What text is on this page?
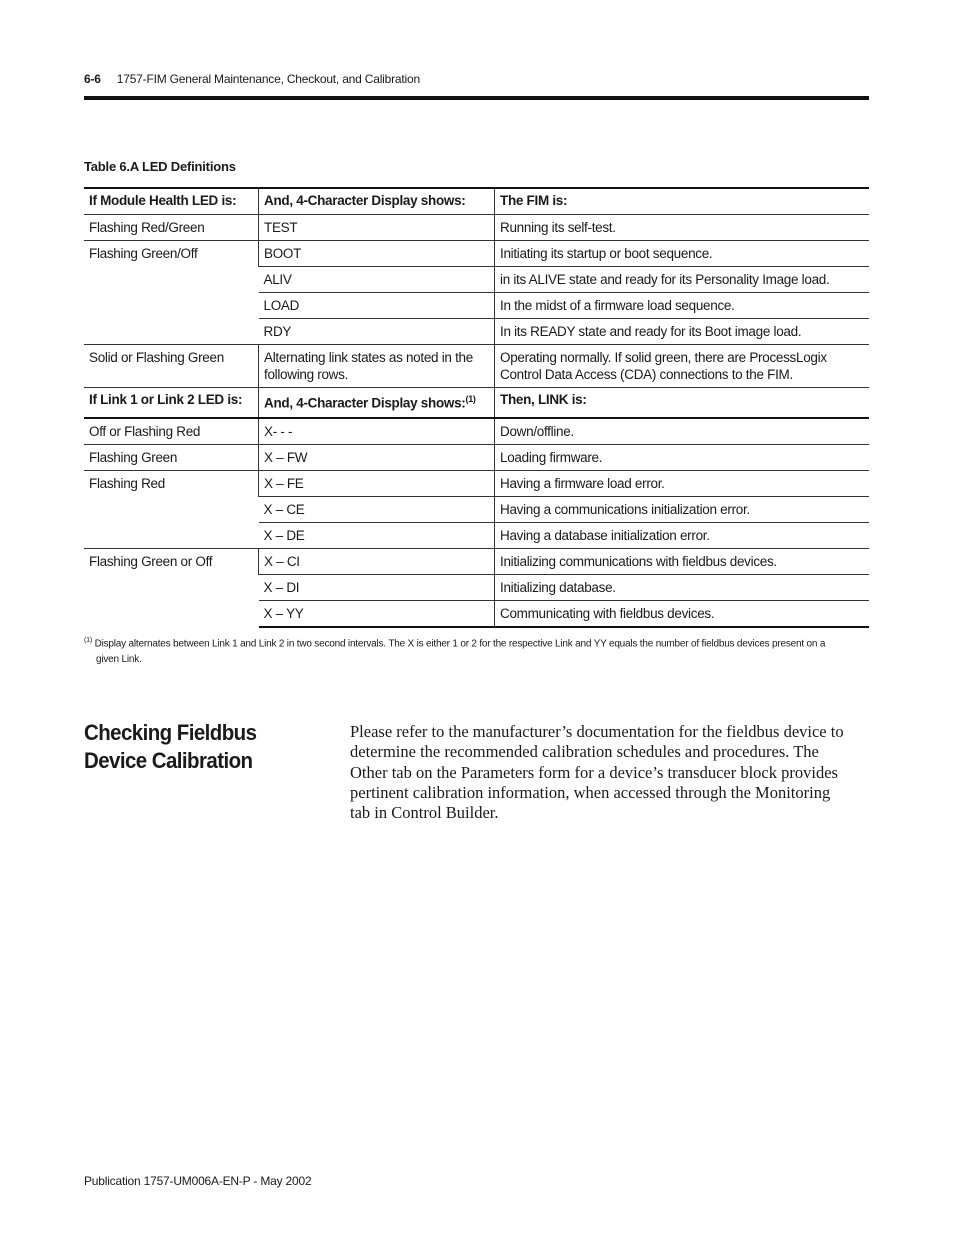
6-6 1757-FIM General Maintenance, Checkout, and Calibration
Table 6.A LED Definitions
If Module Health LED is:	And, 4-Character Display shows:	The FIM is:
Flashing Red/Green	TEST	Running its self-test.
Flashing Green/Off	BOOT	Initiating its startup or boot sequence.
	ALIV	in its ALIVE state and ready for its Personality Image load.
	LOAD	In the midst of a firmware load sequence.
	RDY	In its READY state and ready for its Boot image load.
Solid or Flashing Green	Alternating link states as noted in the following rows.	Operating normally. If solid green, there are ProcessLogix Control Data Access (CDA) connections to the FIM.
If Link 1 or Link 2 LED is:	And, 4-Character Display shows:$^{(1)}$	Then, LINK is:
Off or Flashing Red	X- - -	Down/offline.
Flashing Green	X – FW	Loading firmware.
Flashing Red	X – FE	Having a firmware load error.
	X – CE	Having a communications initialization error.
	X – DE	Having a database initialization error.
Flashing Green or Off	X – CI	Initializing communications with fieldbus devices.
	X – DI	Initializing database.
	X – YY	Communicating with fieldbus devices.
$^{(1)}$ Display alternates between Link 1 and Link 2 in two second intervals. The X is either 1 or 2 for the respective Link and YY equals the number of fieldbus devices present on a
given Link.
Checking Fieldbus Device Calibration
Please refer to the manufacturer’s documentation for the fieldbus device to determine the recommended calibration schedules and procedures. The Other tab on the Parameters form for a device’s transducer block provides pertinent calibration information, when accessed through the Monitoring tab in Control Builder.
Publication 1757-UM006A-EN-P - May 2002
